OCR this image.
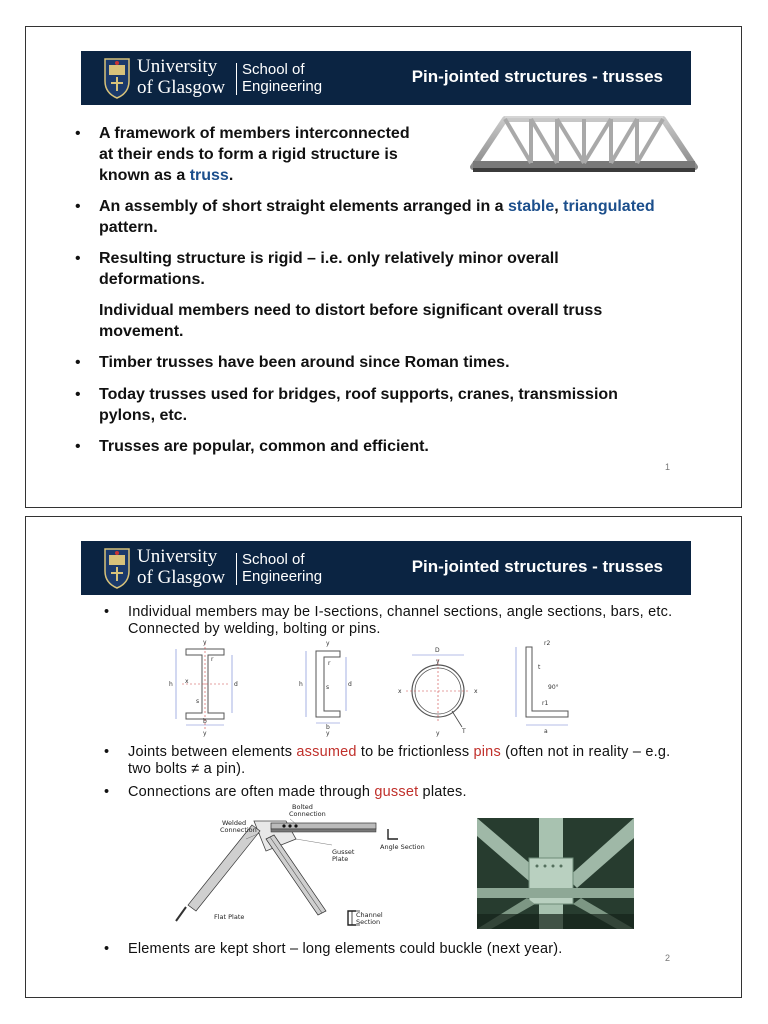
University
of Glasgow
School of
Engineering
Pin-jointed structures - trusses
• A framework of members interconnected at their ends to form a rigid structure is known as a truss.
• An assembly of short straight elements arranged in a stable, triangulated pattern.
• Resulting structure is rigid – i.e. only relatively minor overall deformations.
Individual members need to distort before significant overall truss movement.
• Timber trusses have been around since Roman times.
• Today trusses used for bridges, roof supports, cranes, transmission pylons, etc.
• Trusses are popular, common and efficient.
1
University
of Glasgow
School of
Engineering
Pin-jointed structures - trusses
• Individual members may be I-sections, channel sections, angle sections, bars, etc. Connected by welding, bolting or pins.
y
x
h	d
r
s
b
y
y
h	d
r
s
b
y
D
y
x	x
T
y
r2
t
90°
r1
a
• Joints between elements assumed to be frictionless pins (often not in reality – e.g. two bolts ≠ a pin).
• Connections are often made through gusset plates.
Bolted
Connection
Welded
Connection
Angle Section
Gusset
Plate
Flat Plate	Channel
Section
• Elements are kept short – long elements could buckle (next year).
2
